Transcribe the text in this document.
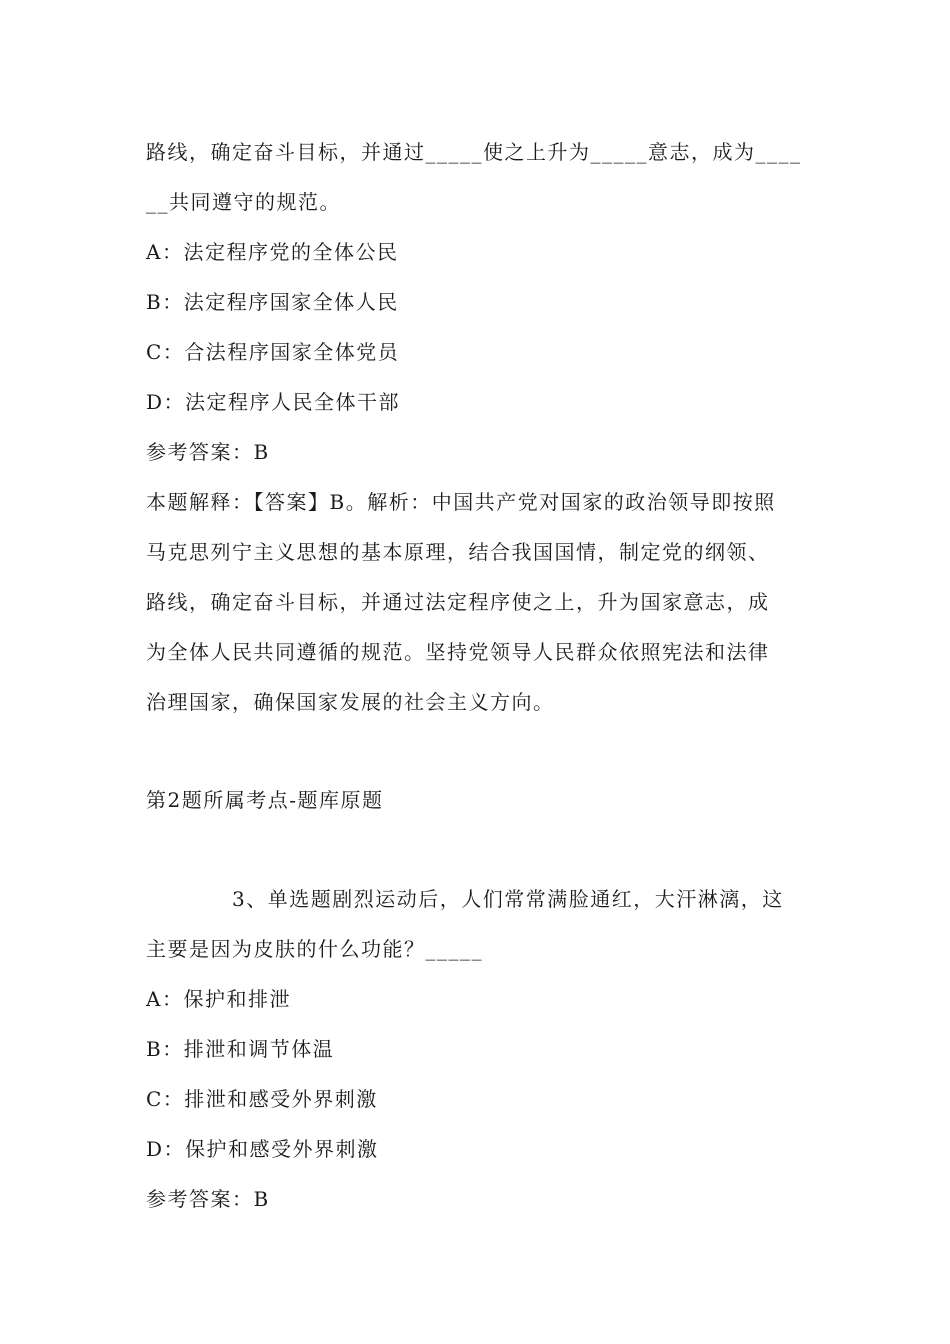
路线，确定奋斗目标，并通过_____使之上升为_____意志，成为____
__共同遵守的规范。
A：法定程序党的全体公民
B：法定程序国家全体人民
C：合法程序国家全体党员
D：法定程序人民全体干部
参考答案：B
本题解释：【答案】B。解析：中国共产党对国家的政治领导即按照
马克思列宁主义思想的基本原理，结合我国国情，制定党的纲领、
路线，确定奋斗目标，并通过法定程序使之上，升为国家意志，成
为全体人民共同遵循的规范。坚持党领导人民群众依照宪法和法律
治理国家，确保国家发展的社会主义方向。
第2题所属考点-题库原题
3、单选题剧烈运动后，人们常常满脸通红，大汗淋漓，这
主要是因为皮肤的什么功能？_____
A：保护和排泄
B：排泄和调节体温
C：排泄和感受外界刺激
D：保护和感受外界刺激
参考答案：B
